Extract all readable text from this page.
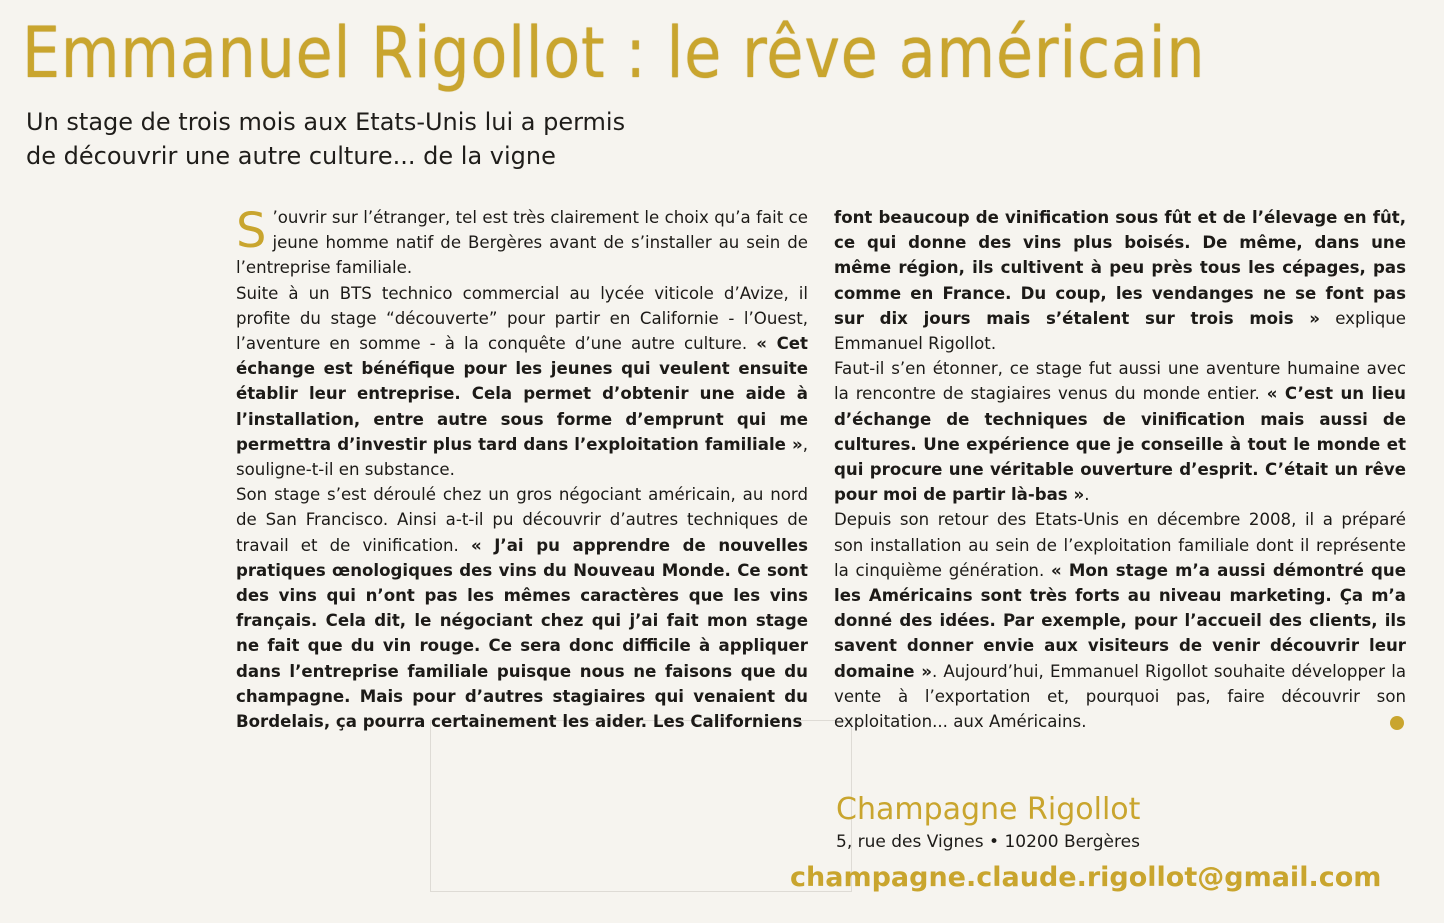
Emmanuel Rigollot : le rêve américain
Un stage de trois mois aux Etats-Unis lui a permis
de découvrir une autre culture... de la vigne

S ’ouvrir sur l’étranger, tel est très clairement le choix qu’a fait ce jeune homme natif de Bergères avant de s’installer au sein de l’entreprise familiale.

Suite à un BTS technico commercial au lycée viticole d’Avize, il profite du stage “découverte” pour partir en Californie - l’Ouest, l’aventure en somme - à la conquête d’une autre culture. « Cet échange est bénéfique pour les jeunes qui veulent ensuite établir leur entreprise. Cela permet d’obtenir une aide à l’installation, entre autre sous forme d’emprunt qui me permettra d’investir plus tard dans l’exploitation familiale », souligne-t-il en substance.

Son stage s’est déroulé chez un gros négociant américain, au nord de San Francisco. Ainsi a-t-il pu découvrir d’autres techniques de travail et de vinification. « J’ai pu apprendre de nouvelles pratiques œnologiques des vins du Nouveau Monde. Ce sont des vins qui n’ont pas les mêmes caractères que les vins français. Cela dit, le négociant chez qui j’ai fait mon stage ne fait que du vin rouge. Ce sera donc difficile à appliquer dans l’entreprise familiale puisque nous ne faisons que du champagne. Mais pour d’autres stagiaires qui venaient du Bordelais, ça pourra certainement les aider. Les Californiens

font beaucoup de vinification sous fût et de l’élevage en fût, ce qui donne des vins plus boisés. De même, dans une même région, ils cultivent à peu près tous les cépages, pas comme en France. Du coup, les vendanges ne se font pas sur dix jours mais s’étalent sur trois mois » explique Emmanuel Rigollot.

Faut-il s’en étonner, ce stage fut aussi une aventure humaine avec la rencontre de stagiaires venus du monde entier. « C’est un lieu d’échange de techniques de vinification mais aussi de cultures. Une expérience que je conseille à tout le monde et qui procure une véritable ouverture d’esprit. C’était un rêve pour moi de partir là-bas ».

Depuis son retour des Etats-Unis en décembre 2008, il a préparé son installation au sein de l’exploitation familiale dont il représente la cinquième génération. « Mon stage m’a aussi démontré que les Américains sont très forts au niveau marketing. Ça m’a donné des idées. Par exemple, pour l’accueil des clients, ils savent donner envie aux visiteurs de venir découvrir leur domaine ». Aujourd’hui, Emmanuel Rigollot souhaite développer la vente à l’exportation et, pourquoi pas, faire découvrir son exploitation... aux Américains.

Champagne Rigollot
5, rue des Vignes • 10200 Bergères
champagne.claude.rigollot@gmail.com
